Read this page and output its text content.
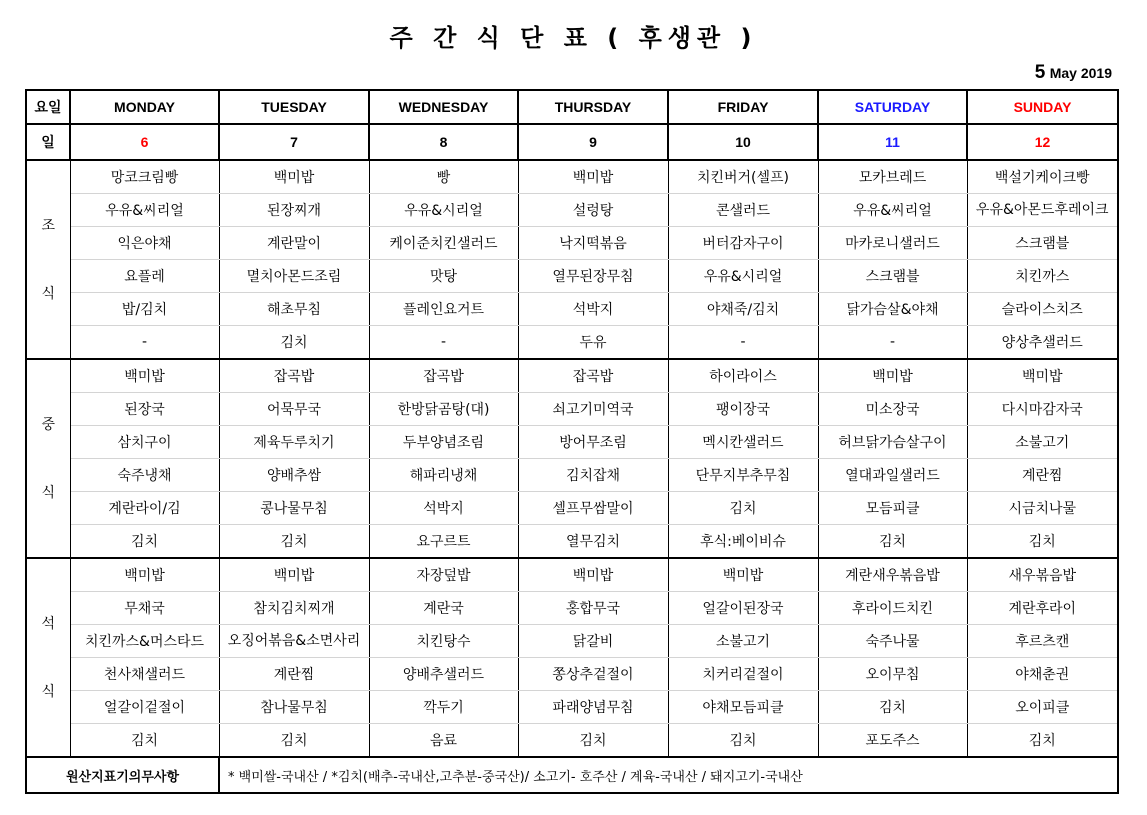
주 간 식 단 표 ( 후생관 )
5 May 2019
요일	MONDAY	TUESDAY	WEDNESDAY	THURSDAY	FRIDAY	SATURDAY	SUNDAY
일	6	7	8	9	10	11	12
조

식	망코크림빵	백미밥	빵	백미밥	치킨버거(셀프)	모카브레드	백설기케이크빵
	우유&씨리얼	된장찌개	우유&시리얼	설렁탕	콘샐러드	우유&씨리얼	우유&아몬드후레이크
	익은야채	계란말이	케이준치킨샐러드	낙지떡볶음	버터감자구이	마카로니샐러드	스크램블
	요플레	멸치아몬드조림	맛탕	열무된장무침	우유&시리얼	스크램블	치킨까스
	밥/김치	해초무침	플레인요거트	석박지	야채죽/김치	닭가슴살&야채	슬라이스치즈
	-	김치	-	두유	-	-	양상추샐러드
중

식	백미밥	잡곡밥	잡곡밥	잡곡밥	하이라이스	백미밥	백미밥
	된장국	어묵무국	한방닭곰탕(대)	쇠고기미역국	팽이장국	미소장국	다시마감자국
	삼치구이	제육두루치기	두부양념조림	방어무조림	멕시칸샐러드	허브닭가슴살구이	소불고기
	숙주냉채	양배추쌈	해파리냉채	김치잡채	단무지부추무침	열대과일샐러드	계란찜
	계란라이/김	콩나물무침	석박지	셀프무쌈말이	김치	모듬피클	시금치나물
	김치	김치	요구르트	열무김치	후식:베이비슈	김치	김치
석

식	백미밥	백미밥	자장덮밥	백미밥	백미밥	계란새우볶음밥	새우볶음밥
	무채국	참치김치찌개	계란국	홍합무국	얼갈이된장국	후라이드치킨	계란후라이
	치킨까스&머스타드	오징어볶음&소면사리	치킨탕수	닭갈비	소불고기	숙주나물	후르츠캔
	천사채샐러드	계란찜	양배추샐러드	쫑상추겉절이	치커리겉절이	오이무침	야채춘권
	얼갈이겉절이	참나물무침	깍두기	파래양념무침	야채모듬피클	김치	오이피클
	김치	김치	음료	김치	김치	포도주스	김치
원산지표기의무사항		* 백미쌀-국내산 / *김치(배추-국내산,고추분-중국산)/ 소고기- 호주산 / 계육-국내산 / 돼지고기-국내산					
